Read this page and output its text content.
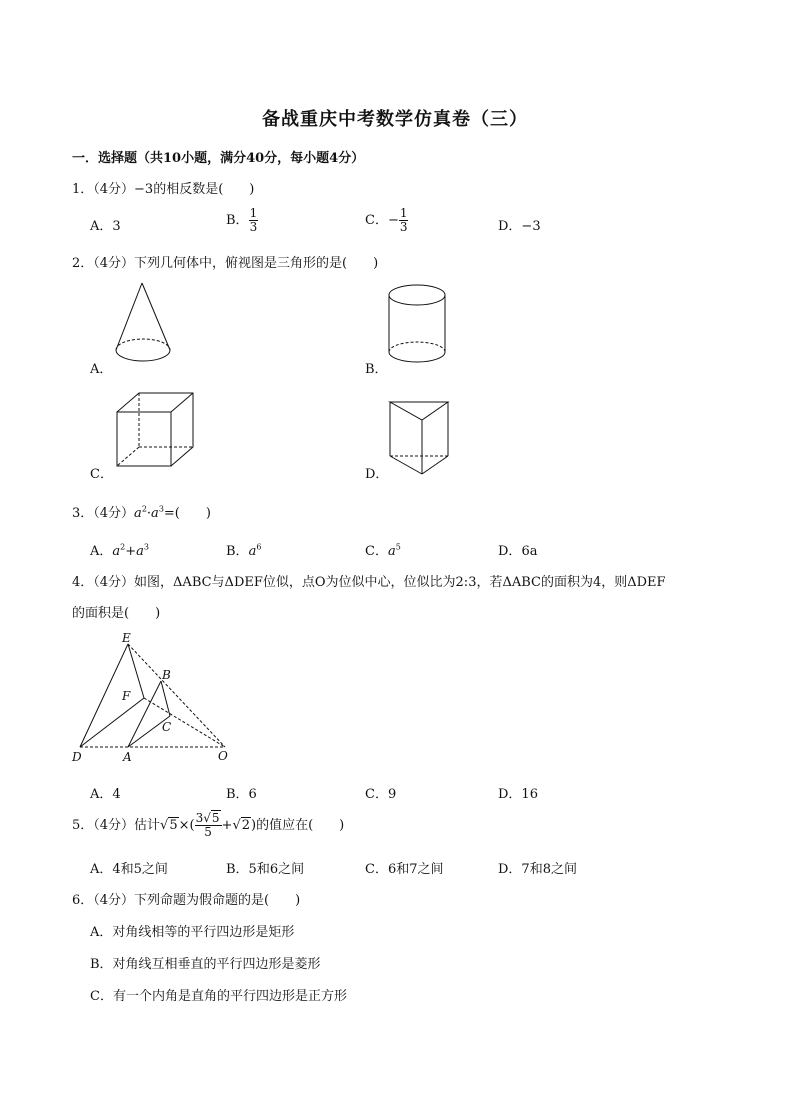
备战重庆中考数学仿真卷（三）
一．选择题（共10小题，满分40分，每小题4分）
1．（4分）−3的相反数是(　　)
A．3	B． $\frac{1}{3}$	C．− $\frac{1}{3}$	D．−3
2．（4分）下列几何体中，俯视图是三角形的是(　　)
A．	B．
C．	D．
3．（4分）$a^2\cdot a^3=$(　　)
A．$a^2+a^3$	B．$a^6$	C．$a^5$	D．6a
4．（4分）如图，ΔABC与ΔDEF位似，点O为位似中心，位似比为2:3，若ΔABC的面积为4，则ΔDEF
的面积是(　　)
E
B
F
C
D	A	O
A．4	B．6	C．9	D．16
5．（4分）估计$√5\times( \frac{3√5}{5} +√2)$的值应在(　　)
A．4和5之间	B．5和6之间	C．6和7之间	D．7和8之间
6．（4分）下列命题为假命题的是(　　)
A．对角线相等的平行四边形是矩形
B．对角线互相垂直的平行四边形是菱形
C．有一个内角是直角的平行四边形是正方形
